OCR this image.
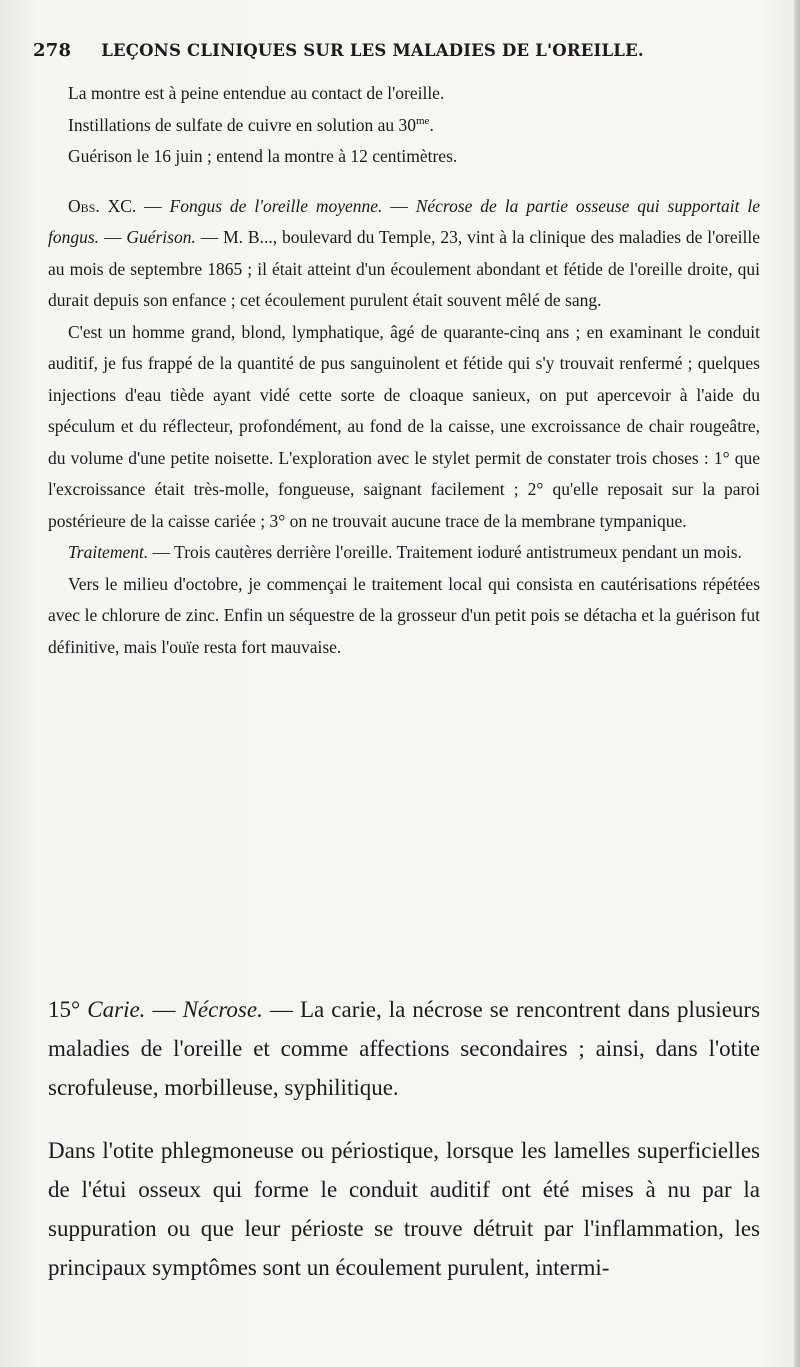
278 LEÇONS CLINIQUES SUR LES MALADIES DE L'OREILLE.

La montre est à peine entendue au contact de l'oreille.

Instillations de sulfate de cuivre en solution au $30^{me}$.

Guérison le 16 juin ; entend la montre à 12 centimètres.

Obs. XC. — Fongus de l'oreille moyenne. — Nécrose de la partie osseuse qui supportait le fongus. — Guérison. — M. B..., boulevard du Temple, 23, vint à la clinique des maladies de l'oreille au mois de septembre 1865 ; il était atteint d'un écoulement abondant et fétide de l'oreille droite, qui durait depuis son enfance ; cet écoulement purulent était souvent mêlé de sang.

C'est un homme grand, blond, lymphatique, âgé de quarante-cinq ans ; en examinant le conduit auditif, je fus frappé de la quantité de pus sanguinolent et fétide qui s'y trouvait renfermé ; quelques injections d'eau tiède ayant vidé cette sorte de cloaque sanieux, on put apercevoir à l'aide du spéculum et du réflecteur, profondément, au fond de la caisse, une excroissance de chair rougeâtre, du volume d'une petite noisette. L'exploration avec le stylet permit de constater trois choses : 1° que l'excroissance était très-molle, fongueuse, saignant facilement ; 2° qu'elle reposait sur la paroi postérieure de la caisse cariée ; 3° on ne trouvait aucune trace de la membrane tympanique.

Traitement. — Trois cautères derrière l'oreille. Traitement ioduré antistrumeux pendant un mois.

Vers le milieu d'octobre, je commençai le traitement local qui consista en cautérisations répétées avec le chlorure de zinc. Enfin un séquestre de la grosseur d'un petit pois se détacha et la guérison fut définitive, mais l'ouïe resta fort mauvaise.

15° Carie. — Nécrose. — La carie, la nécrose se rencontrent dans plusieurs maladies de l'oreille et comme affections secondaires ; ainsi, dans l'otite scrofuleuse, morbilleuse, syphilitique.

Dans l'otite phlegmoneuse ou périostique, lorsque les lamelles superficielles de l'étui osseux qui forme le conduit auditif ont été mises à nu par la suppuration ou que leur périoste se trouve détruit par l'inflammation, les principaux symptômes sont un écoulement purulent, intermi-
